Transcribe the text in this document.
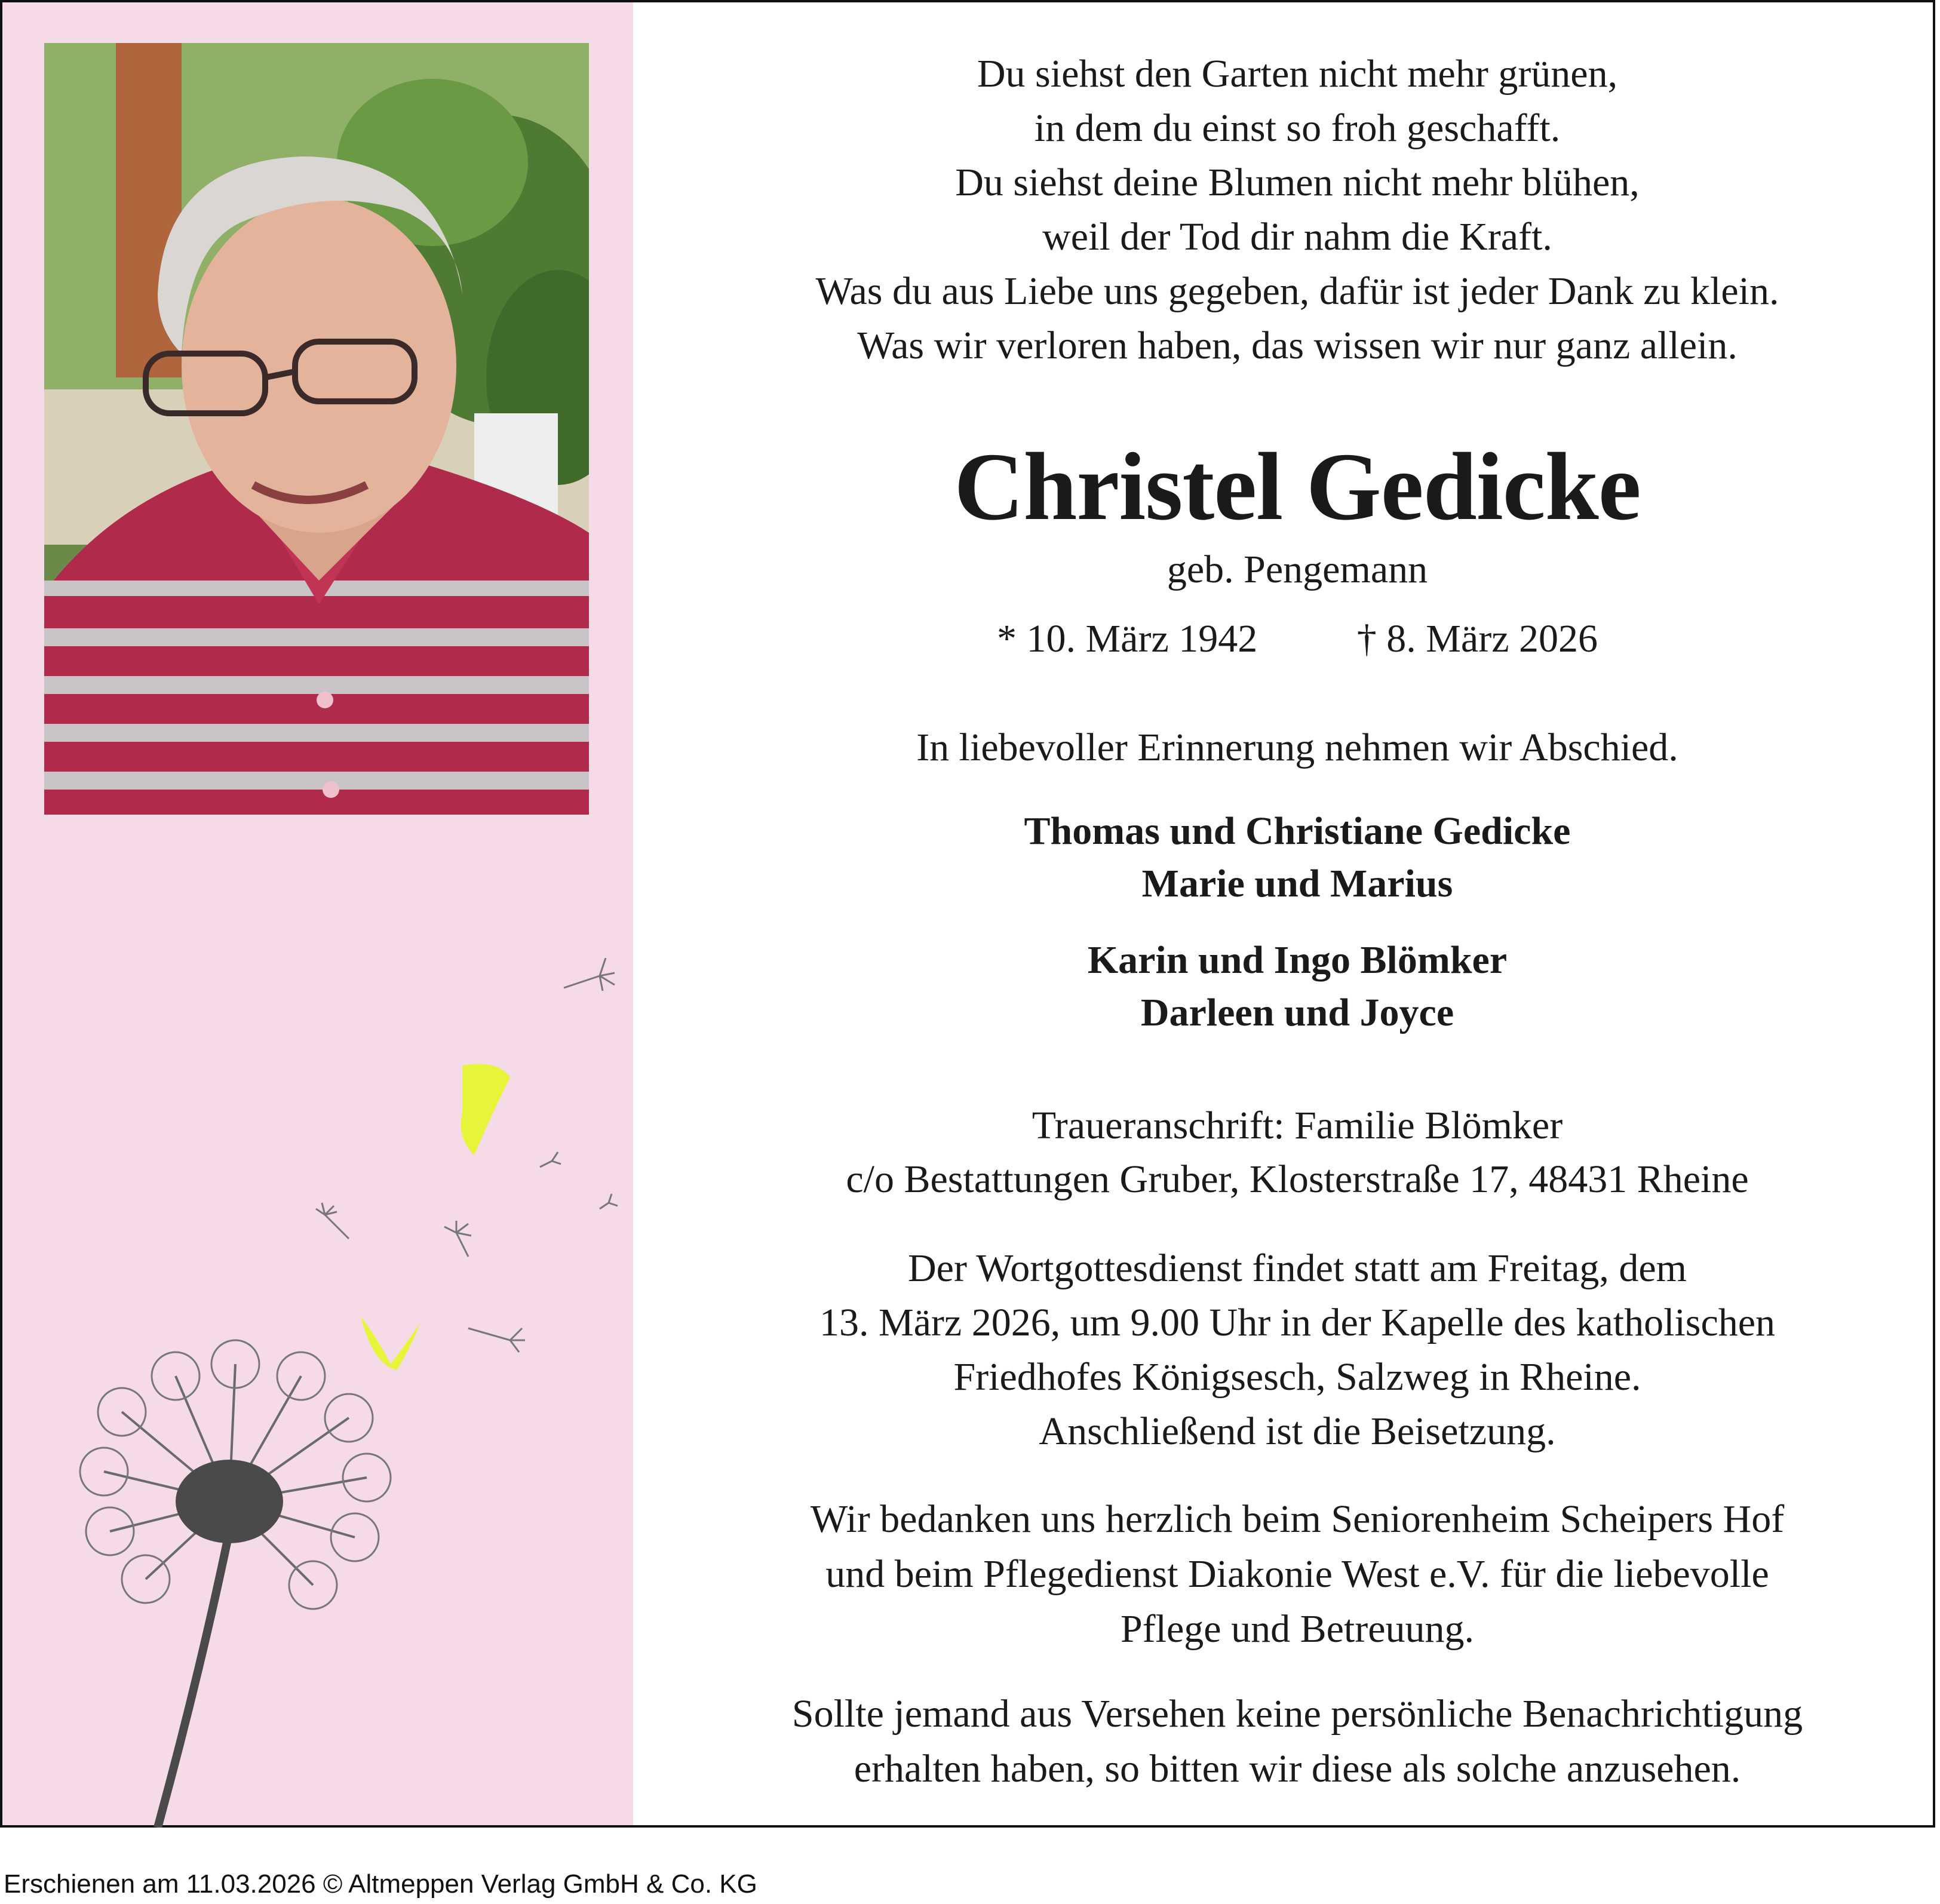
Du siehst den Garten nicht mehr grünen,
in dem du einst so froh geschafft.
Du siehst deine Blumen nicht mehr blühen,
weil der Tod dir nahm die Kraft.
Was du aus Liebe uns gegeben, dafür ist jeder Dank zu klein.
Was wir verloren haben, das wissen wir nur ganz allein.
Christel Gedicke
geb. Pengemann
* 10. März 1942	† 8. März 2026
In liebevoller Erinnerung nehmen wir Abschied.
Thomas und Christiane Gedicke
Marie und Marius
Karin und Ingo Blömker
Darleen und Joyce
Traueranschrift: Familie Blömker
c/o Bestattungen Gruber, Klosterstraße 17, 48431 Rheine
Der Wortgottesdienst findet statt am Freitag, dem
13. März 2026, um 9.00 Uhr in der Kapelle des katholischen
Friedhofes Königsesch, Salzweg in Rheine.
Anschließend ist die Beisetzung.
Wir bedanken uns herzlich beim Seniorenheim Scheipers Hof
und beim Pflegedienst Diakonie West e.V. für die liebevolle
Pflege und Betreuung.
Sollte jemand aus Versehen keine persönliche Benachrichtigung
erhalten haben, so bitten wir diese als solche anzusehen.
Erschienen am 11.03.2026 © Altmeppen Verlag GmbH & Co. KG
